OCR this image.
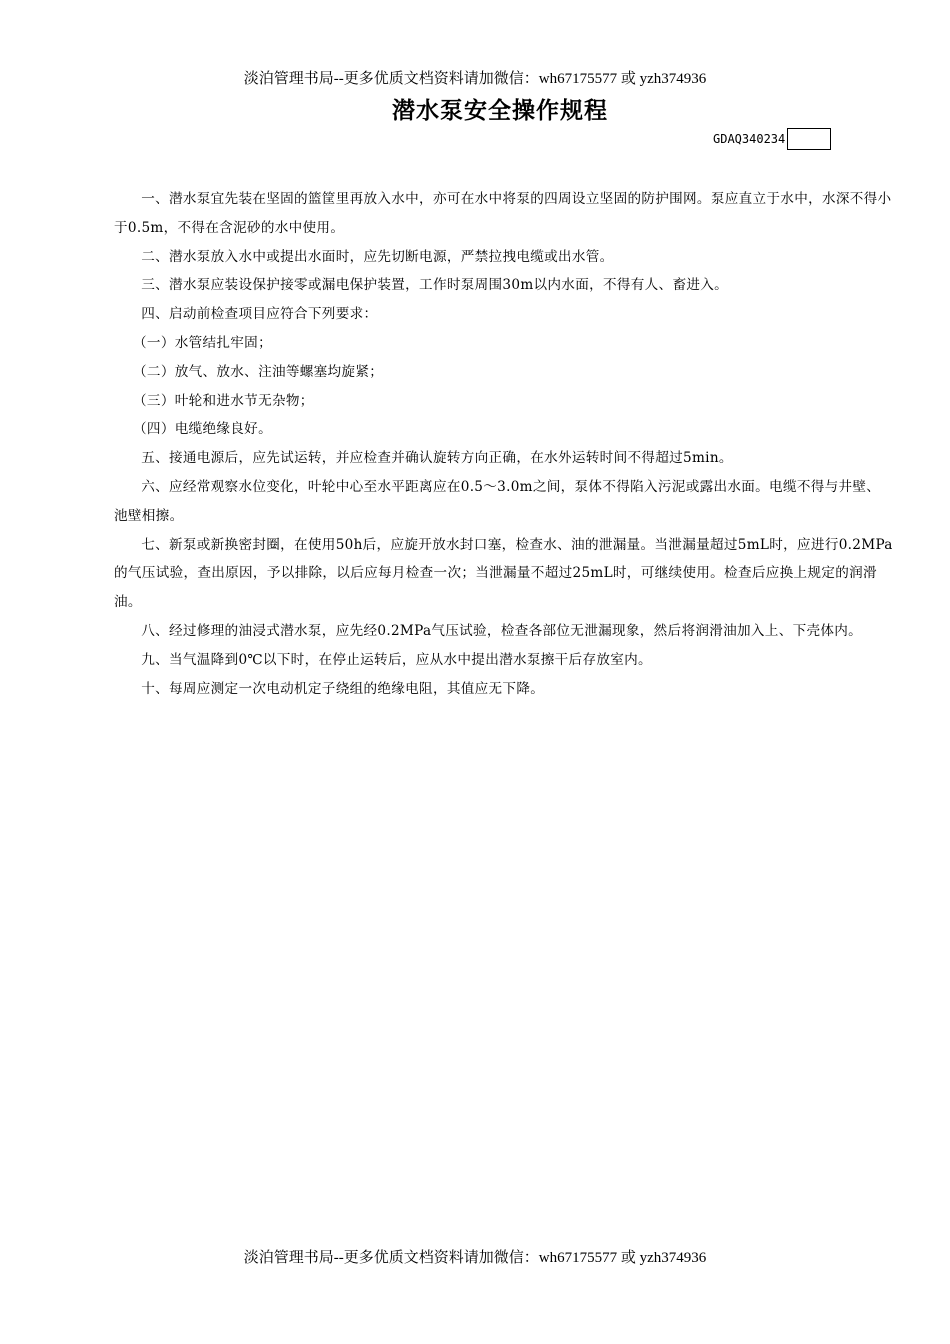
淡泊管理书局--更多优质文档资料请加微信：wh67175577 或 yzh374936
潜水泵安全操作规程
GDAQ340234

一、潜水泵宜先装在坚固的篮筐里再放入水中，亦可在水中将泵的四周设立坚固的防护围网。泵应直立于水中，水深不得小于0.5m，不得在含泥砂的水中使用。

二、潜水泵放入水中或提出水面时，应先切断电源，严禁拉拽电缆或出水管。

三、潜水泵应装设保护接零或漏电保护装置，工作时泵周围30m以内水面，不得有人、畜进入。

四、启动前检查项目应符合下列要求：

（一）水管结扎牢固；

（二）放气、放水、注油等螺塞均旋紧；

（三）叶轮和进水节无杂物；

（四）电缆绝缘良好。

五、接通电源后，应先试运转，并应检查并确认旋转方向正确，在水外运转时间不得超过5min。

六、应经常观察水位变化，叶轮中心至水平距离应在0.5～3.0m之间，泵体不得陷入污泥或露出水面。电缆不得与井壁、池壁相擦。

七、新泵或新换密封圈，在使用50h后，应旋开放水封口塞，检查水、油的泄漏量。当泄漏量超过5mL时，应进行0.2MPa的气压试验，查出原因，予以排除，以后应每月检查一次；当泄漏量不超过25mL时，可继续使用。检查后应换上规定的润滑油。

八、经过修理的油浸式潜水泵，应先经0.2MPa气压试验，检查各部位无泄漏现象，然后将润滑油加入上、下壳体内。

九、当气温降到0℃以下时，在停止运转后，应从水中提出潜水泵擦干后存放室内。

十、每周应测定一次电动机定子绕组的绝缘电阻，其值应无下降。

淡泊管理书局--更多优质文档资料请加微信：wh67175577 或 yzh374936
